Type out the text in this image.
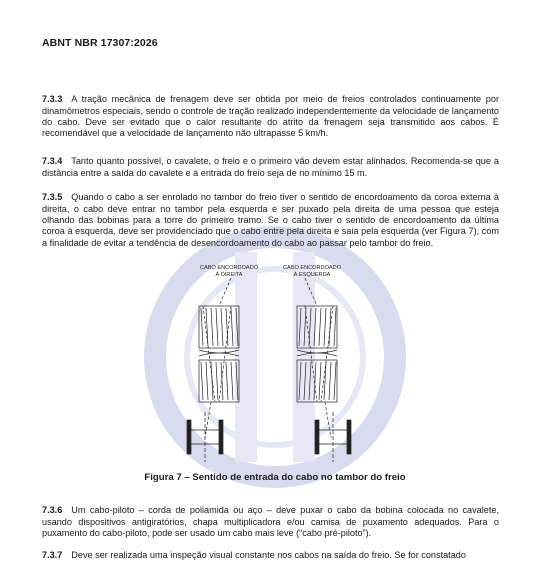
ABNT NBR 17307:2026

7.3.3 A tração mecânica de frenagem deve ser obtida por meio de freios controlados continuamente por dinamômetros especiais, sendo o controle de tração realizado independentemente da velocidade de lançamento do cabo. Deve ser evitado que o calor resultante do atrito da frenagem seja transmitido aos cabos. É recomendável que a velocidade de lançamento não ultrapasse 5 km/h.

7.3.4 Tanto quanto possível, o cavalete, o freio e o primeiro vão devem estar alinhados. Recomenda-se que a distância entre a saída do cavalete e a entrada do freio seja de no mínimo 15 m.

7.3.5 Quando o cabo a ser enrolado no tambor do freio tiver o sentido de encordoamento da coroa externa à direita, o cabo deve entrar no tambor pela esquerda e ser puxado pela direita de uma pessoa que esteja olhando das bobinas para a torre do primeiro tramo. Se o cabo tiver o sentido de encordoamento da última coroa à esquerda, deve ser providenciado que o cabo entre pela direita e saia pela esquerda (ver Figura 7), com a finalidade de evitar a tendência de desencordoamento do cabo ao passar pelo tambor do freio.

CABO ENCORDOADO
À DIREITA
CABO ENCORDOADO
À ESQUERDA
Figura 7 – Sentido de entrada do cabo no tambor do freio

7.3.6 Um cabo-piloto – corda de poliamida ou aço – deve puxar o cabo da bobina colocada no cavalete, usando dispositivos antigiratórios, chapa multiplicadora e/ou camisa de puxamento adequados. Para o puxamento do cabo-piloto, pode ser usado um cabo mais leve (“cabo pré-piloto”).

7.3.7 Deve ser realizada uma inspeção visual constante nos cabos na saída do freio. Se for constatado
